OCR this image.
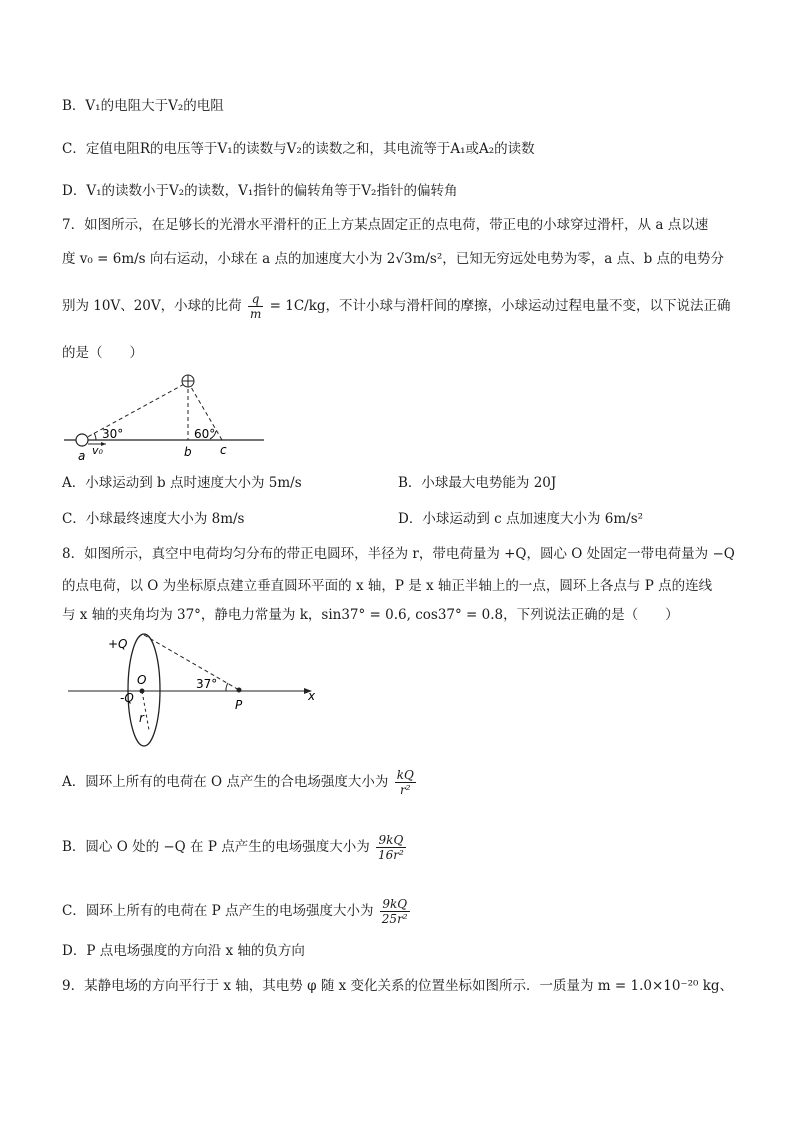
B．V₁的电阻大于V₂的电阻
C．定值电阻R的电压等于V₁的读数与V₂的读数之和，其电流等于A₁或A₂的读数
D．V₁的读数小于V₂的读数，V₁指针的偏转角等于V₂指针的偏转角
7．如图所示，在足够长的光滑水平滑杆的正上方某点固定正的点电荷，带正电的小球穿过滑杆，从 a 点以速
度 v₀ = 6m/s 向右运动，小球在 a 点的加速度大小为 2√3m/s²，已知无穷远处电势为零，a 点、b 点的电势分
别为 10V、20V，小球的比荷 $\frac{q}{m} = 1C/kg$，不计小球与滑杆间的摩擦，小球运动过程电量不变，以下说法正确
的是（　　）
30°	60°
a v₀	b c
A．小球运动到 b 点时速度大小为 5m/s	B．小球最大电势能为 20J
C．小球最终速度大小为 8m/s	D．小球运动到 c 点加速度大小为 6m/s²
8．如图所示，真空中电荷均匀分布的带正电圆环，半径为 r，带电荷量为 +Q，圆心 O 处固定一带电荷量为 −Q
的点电荷，以 O 为坐标原点建立垂直圆环平面的 x 轴，P 是 x 轴正半轴上的一点，圆环上各点与 P 点的连线
与 x 轴的夹角均为 37°，静电力常量为 k，sin37° = 0.6, cos37° = 0.8，下列说法正确的是（　　）
+Q
O
-Q
r
37°
P
x
A．圆环上所有的电荷在 O 点产生的合电场强度大小为 $\frac{kQ}{\text{r²}}$
B．圆心 O 处的 −Q 在 P 点产生的电场强度大小为 $\frac{9kQ}{\text{16r²}}$
C．圆环上所有的电荷在 P 点产生的电场强度大小为 $\frac{9kQ}{\text{25r²}}$
D．P 点电场强度的方向沿 x 轴的负方向
9．某静电场的方向平行于 x 轴，其电势 φ 随 x 变化关系的位置坐标如图所示．一质量为 m = 1.0×10⁻²⁰ kg、
